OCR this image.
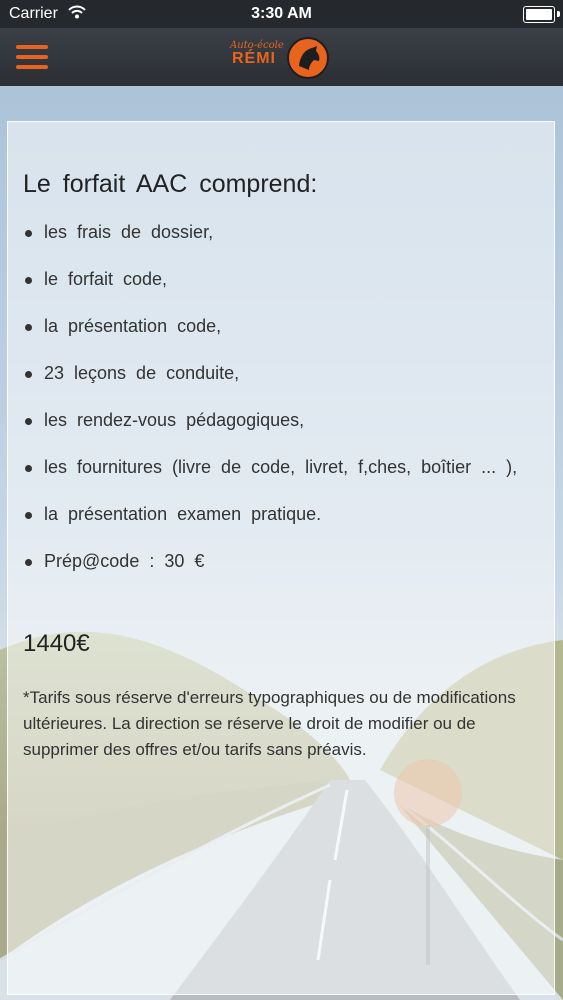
Carrier	3:30 AM
Auto-école
RÉMI
Le forfait AAC comprend:
les frais de dossier,
le forfait code,
la présentation code,
23 leçons de conduite,
les rendez-vous pédagogiques,
les fournitures (livre de code, livret, f,ches, boîtier ... ),
la présentation examen pratique.
Prép@code : 30 €

1440€

*Tarifs sous réserve d'erreurs typographiques ou de modifications ultérieures. La direction se réserve le droit de modifier ou de supprimer des offres et/ou tarifs sans préavis.
